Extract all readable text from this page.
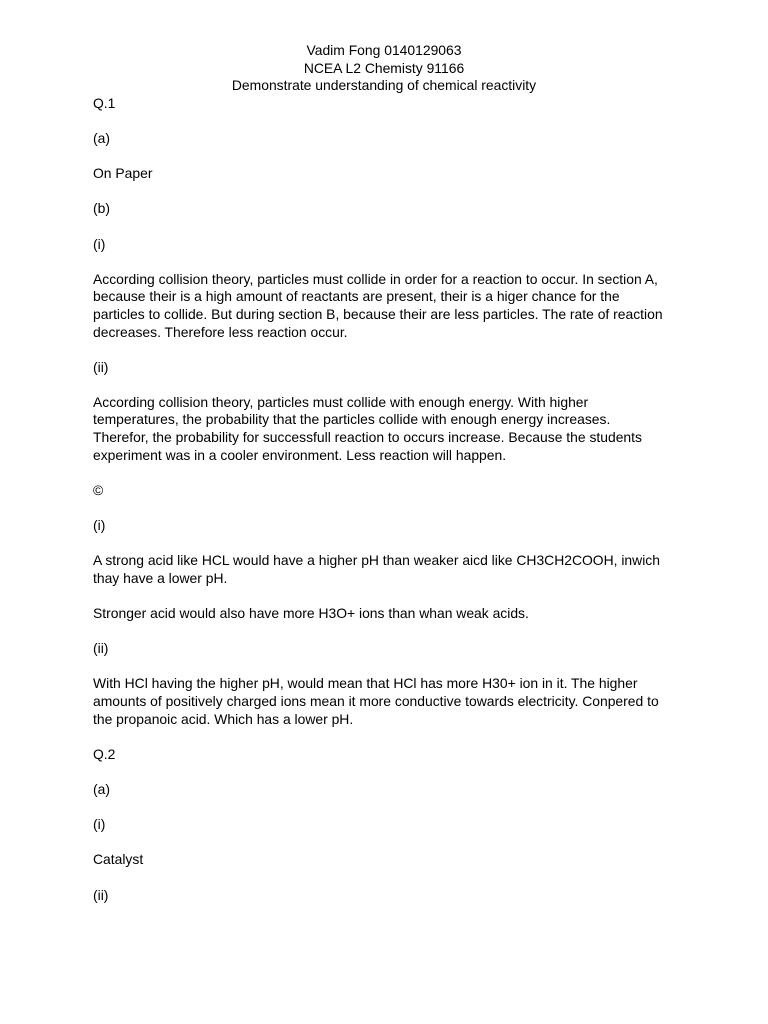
Vadim Fong 0140129063
NCEA L2 Chemisty 91166
Demonstrate understanding of chemical reactivity
Q.1
(a)
On Paper
(b)
(i)
According collision theory, particles must collide in order for a reaction to occur. In section A,
because their is a high amount of reactants are present, their is a higer chance for the
particles to collide. But during section B, because their are less particles. The rate of reaction
decreases. Therefore less reaction occur.
(ii)
According collision theory, particles must collide with enough energy. With higher
temperatures, the probability that the particles collide with enough energy increases.
Therefor, the probability for successfull reaction to occurs increase. Because the students
experiment was in a cooler environment. Less reaction will happen.
©
(i)
A strong acid like HCL would have a higher pH than weaker aicd like CH3CH2COOH, inwich
thay have a lower pH.
Stronger acid would also have more H3O+ ions than whan weak acids.
(ii)
With HCl having the higher pH, would mean that HCl has more H30+ ion in it. The higher
amounts of positively charged ions mean it more conductive towards electricity. Conpered to
the propanoic acid. Which has a lower pH.
Q.2
(a)
(i)
Catalyst
(ii)
